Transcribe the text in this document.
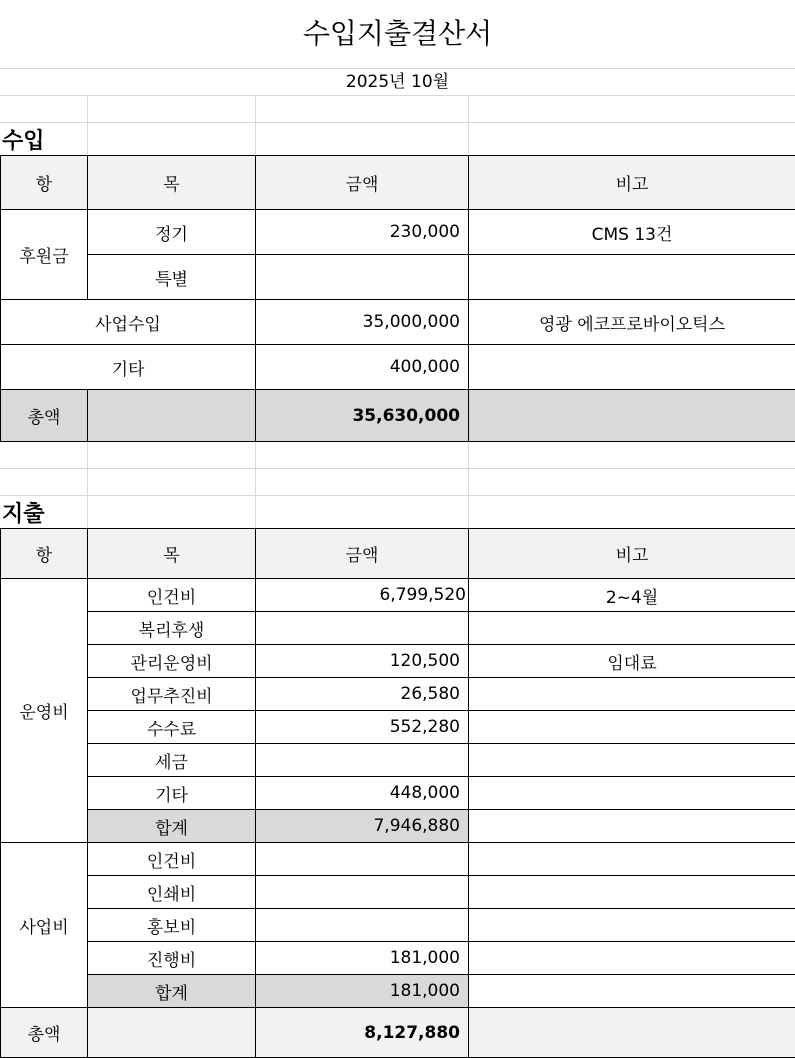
수입지출결산서
2025년 10월
수입
항	목	금액	비고
후원금	정기	230,000	CMS 13건
	특별		
사업수입		35,000,000	영광 에코프로바이오틱스
기타		400,000	
총액		35,630,000	
지출
항	목	금액	비고
운영비	인건비	6,799,520	2~4월
	복리후생		
	관리운영비	120,500	임대료
	업무추진비	26,580	
	수수료	552,280	
	세금		
	기타	448,000	
	합계	7,946,880	
사업비	인건비		
	인쇄비		
	홍보비		
	진행비	181,000	
	합계	181,000	
총액		8,127,880	
